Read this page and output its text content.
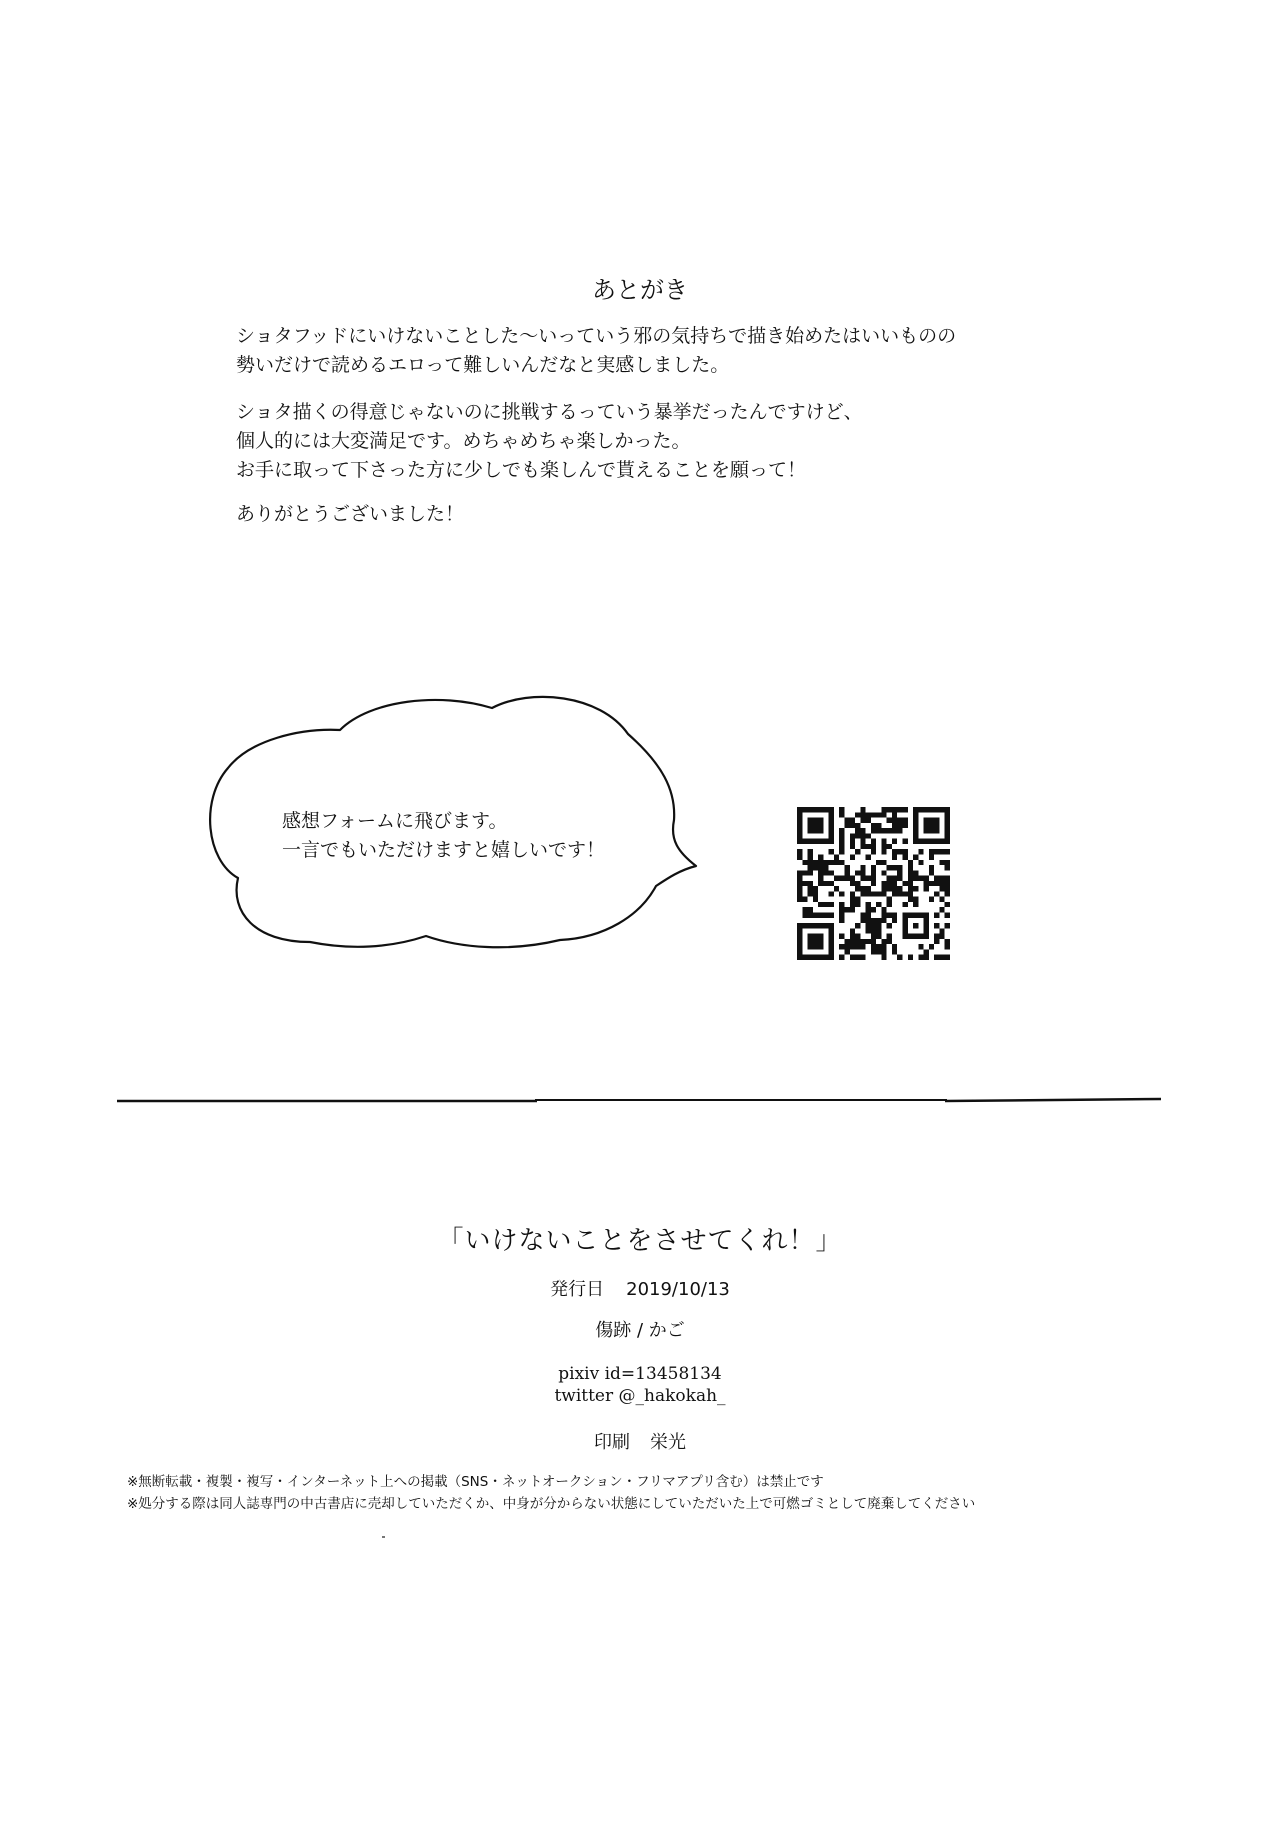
あとがき
ショタフッドにいけないことした〜いっていう邪の気持ちで描き始めたはいいものの
勢いだけで読めるエロって難しいんだなと実感しました。
ショタ描くの得意じゃないのに挑戦するっていう暴挙だったんですけど、
個人的には大変満足です。めちゃめちゃ楽しかった。
お手に取って下さった方に少しでも楽しんで貰えることを願って！
ありがとうございました！
感想フォームに飛びます。
一言でもいただけますと嬉しいです！
「いけないことをさせてくれ！」
発行日 2019/10/13
傷跡 / かご
pixiv id=13458134
twitter @_hakokah_
印刷 栄光
※無断転載・複製・複写・インターネット上への掲載（SNS・ネットオークション・フリマアプリ含む）は禁止です
※処分する際は同人誌専門の中古書店に売却していただくか、中身が分からない状態にしていただいた上で可燃ゴミとして廃棄してください
